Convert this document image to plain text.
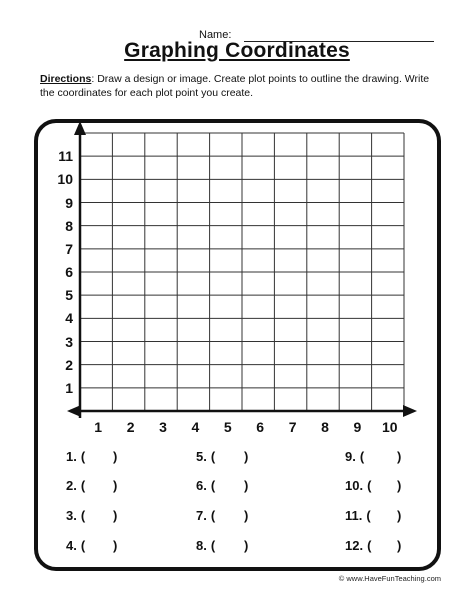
Name:
Graphing Coordinates
Directions: Draw a design or image. Create plot points to outline the drawing. Write the coordinates for each plot point you create.
11
10
9
8
7
6
5
4
3
2
1
1	2	3	4	5	6	7	8	9	10
1. ( )
2. ( )
3. ( )
4. ( )
5. ( )
6. ( )
7. ( )
8. ( )
9. (	)
10. ( )
11. ( )
12. ( )
© www.HaveFunTeaching.com
